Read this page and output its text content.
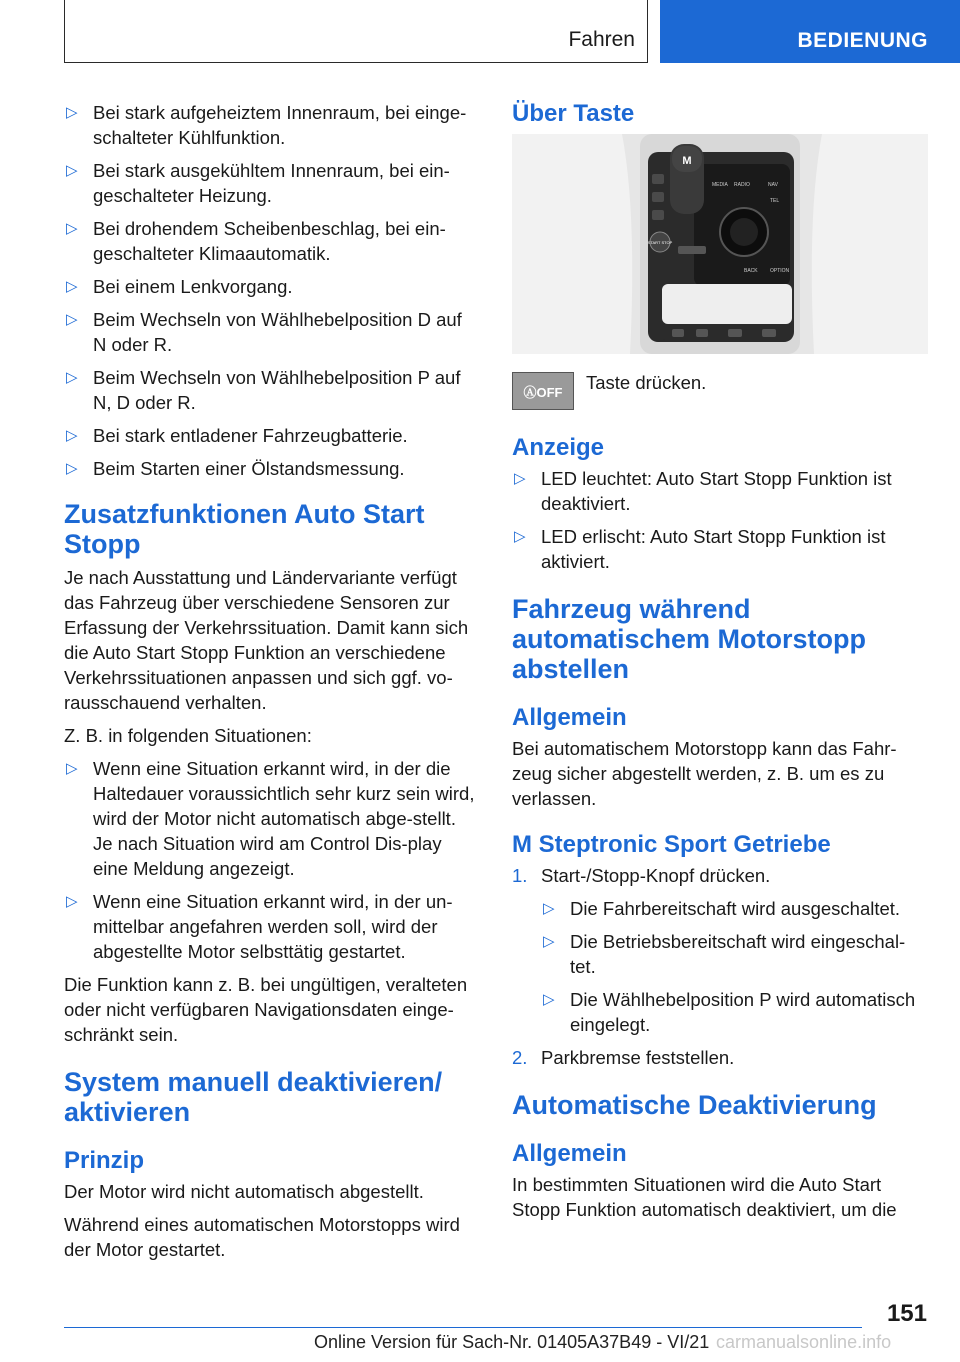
Fahren	BEDIENUNG
▷ Bei stark aufgeheiztem Innenraum, bei einge-schalteter Kühlfunktion.
▷ Bei stark ausgekühltem Innenraum, bei ein-geschalteter Heizung.
▷ Bei drohendem Scheibenbeschlag, bei ein-geschalteter Klimaautomatik.
▷ Bei einem Lenkvorgang.
▷ Beim Wechseln von Wählhebelposition D auf N oder R.
▷ Beim Wechseln von Wählhebelposition P auf N, D oder R.
▷ Bei stark entladener Fahrzeugbatterie.
▷ Beim Starten einer Ölstandsmessung.
Zusatzfunktionen Auto Start Stopp

Je nach Ausstattung und Ländervariante verfügt das Fahrzeug über verschiedene Sensoren zur Erfassung der Verkehrssituation. Damit kann sich die Auto Start Stopp Funktion an verschiedene Verkehrssituationen anpassen und sich ggf. vo-rausschauend verhalten.

Z. B. in folgenden Situationen:

▷ Wenn eine Situation erkannt wird, in der die Haltedauer voraussichtlich sehr kurz sein wird, wird der Motor nicht automatisch abge-stellt. Je nach Situation wird am Control Dis-play eine Meldung angezeigt.
▷ Wenn eine Situation erkannt wird, in der un-mittelbar angefahren werden soll, wird der abgestellte Motor selbsttätig gestartet.

Die Funktion kann z. B. bei ungültigen, veralteten oder nicht verfügbaren Navigationsdaten einge-schränkt sein.

System manuell deaktivieren/ aktivieren
Prinzip

Der Motor wird nicht automatisch abgestellt.

Während eines automatischen Motorstopps wird der Motor gestartet.

Über Taste
M
START STOP
MEDIA RADIO	NAV
TEL
BACK OPTION
ⒶOFF	Taste drücken.

Anzeige
▷ LED leuchtet: Auto Start Stopp Funktion ist deaktiviert.
▷ LED erlischt: Auto Start Stopp Funktion ist aktiviert.
Fahrzeug während automatischem Motorstopp abstellen
Allgemein

Bei automatischem Motorstopp kann das Fahr-zeug sicher abgestellt werden, z. B. um es zu verlassen.

M Steptronic Sport Getriebe
1. Start-/Stopp-Knopf drücken.
▷ Die Fahrbereitschaft wird ausgeschaltet.
▷ Die Betriebsbereitschaft wird eingeschal-tet.
▷ Die Wählhebelposition P wird automatisch eingelegt.
2. Parkbremse feststellen.
Automatische Deaktivierung
Allgemein

In bestimmten Situationen wird die Auto Start Stopp Funktion automatisch deaktiviert, um die

151
Online Version für Sach-Nr. 01405A37B49 - VI/21 carmanualsonline.info
